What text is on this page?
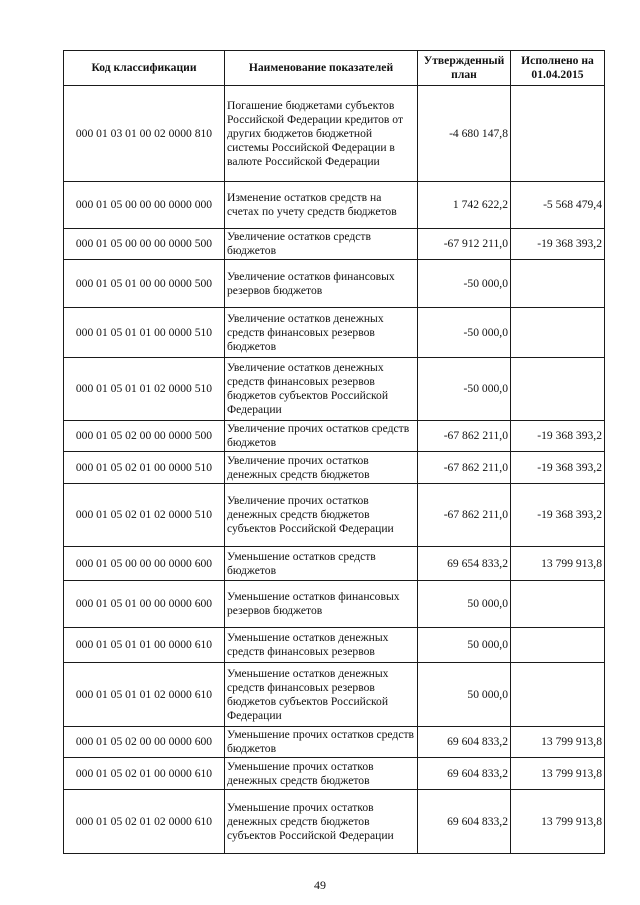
Код классификации	Наименование показателей	Утвержденный план	Исполнено на 01.04.2015
000 01 03 01 00 02 0000 810	Погашение бюджетами субъектов Российской Федерации кредитов от других бюджетов бюджетной системы Российской Федерации в валюте Российской Федерации	-4 680 147,8	
000 01 05 00 00 00 0000 000	Изменение остатков средств на счетах по учету средств бюджетов	1 742 622,2	-5 568 479,4
000 01 05 00 00 00 0000 500	Увеличение остатков средств бюджетов	-67 912 211,0	-19 368 393,2
000 01 05 01 00 00 0000 500	Увеличение остатков финансовых резервов бюджетов	-50 000,0	
000 01 05 01 01 00 0000 510	Увеличение остатков денежных средств финансовых резервов бюджетов	-50 000,0	
000 01 05 01 01 02 0000 510	Увеличение остатков денежных средств финансовых резервов бюджетов субъектов Российской Федерации	-50 000,0	
000 01 05 02 00 00 0000 500	Увеличение прочих остатков средств бюджетов	-67 862 211,0	-19 368 393,2
000 01 05 02 01 00 0000 510	Увеличение прочих остатков денежных средств бюджетов	-67 862 211,0	-19 368 393,2
000 01 05 02 01 02 0000 510	Увеличение прочих остатков денежных средств бюджетов субъектов Российской Федерации	-67 862 211,0	-19 368 393,2
000 01 05 00 00 00 0000 600	Уменьшение остатков средств бюджетов	69 654 833,2	13 799 913,8
000 01 05 01 00 00 0000 600	Уменьшение остатков финансовых резервов бюджетов	50 000,0	
000 01 05 01 01 00 0000 610	Уменьшение остатков денежных средств финансовых резервов	50 000,0	
000 01 05 01 01 02 0000 610	Уменьшение остатков денежных средств финансовых резервов бюджетов субъектов Российской Федерации	50 000,0	
000 01 05 02 00 00 0000 600	Уменьшение прочих остатков средств бюджетов	69 604 833,2	13 799 913,8
000 01 05 02 01 00 0000 610	Уменьшение прочих остатков денежных средств бюджетов	69 604 833,2	13 799 913,8
000 01 05 02 01 02 0000 610	Уменьшение прочих остатков денежных средств бюджетов субъектов Российской Федерации	69 604 833,2	13 799 913,8
49
